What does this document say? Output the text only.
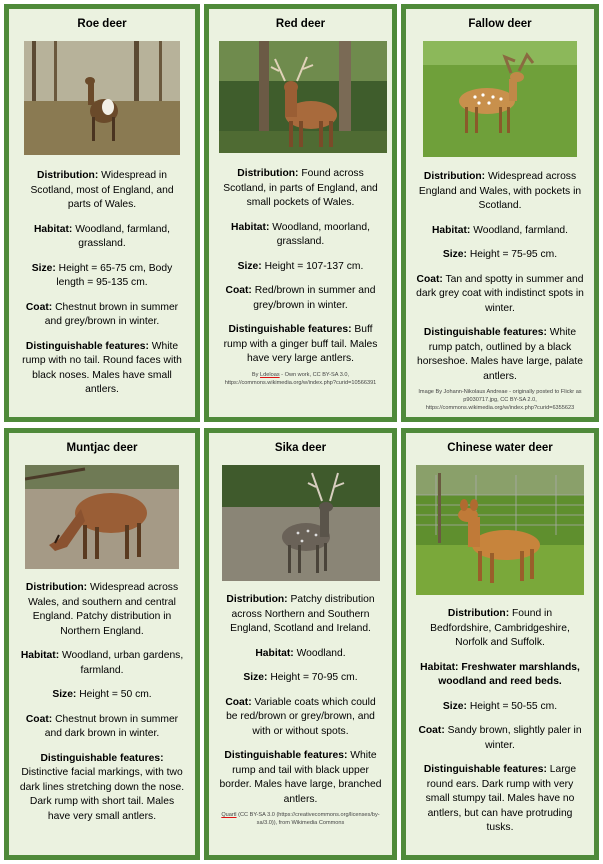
Roe deer

Distribution: Widespread in Scotland, most of England, and parts of Wales.

Habitat: Woodland, farmland, grassland.

Size: Height = 65-75 cm, Body length = 95-135 cm.

Coat: Chestnut brown in summer and grey/brown in winter.

Distinguishable features: White rump with no tail. Round faces with black noses. Males have small antlers.

Red deer

Distribution: Found across Scotland, in parts of England, and small pockets of Wales.

Habitat: Woodland, moorland, grassland.

Size: Height = 107-137 cm.

Coat: Red/brown in summer and grey/brown in winter.

Distinguishable features: Buff rump with a ginger buff tail. Males have very large antlers.

By Ldeloas - Own work, CC BY-SA 3.0, https://commons.wikimedia.org/w/index.php?curid=10566391
Fallow deer

Distribution: Widespread across England and Wales, with pockets in Scotland.

Habitat: Woodland, farmland.

Size: Height = 75-95 cm.

Coat: Tan and spotty in summer and dark grey coat with indistinct spots in winter.

Distinguishable features: White rump patch, outlined by a black horseshoe. Males have large, palate antlers.

Image By Johann-Nikolaus Andreae - originally posted to Flickr as p9030717.jpg, CC BY-SA 2.0, https://commons.wikimedia.org/w/index.php?curid=6355623
Muntjac deer

Distribution: Widespread across Wales, and southern and central England. Patchy distribution in Northern England.

Habitat: Woodland, urban gardens, farmland.

Size: Height = 50 cm.

Coat: Chestnut brown in summer and dark brown in winter.

Distinguishable features: Distinctive facial markings, with two dark lines stretching down the nose. Dark rump with short tail. Males have very small antlers.

Sika deer

Distribution: Patchy distribution across Northern and Southern England, Scotland and Ireland.

Habitat: Woodland.

Size: Height = 70-95 cm.

Coat: Variable coats which could be red/brown or grey/brown, and with or without spots.

Distinguishable features: White rump and tail with black upper border. Males have large, branched antlers.

Quartl (CC BY-SA 3.0 (https://creativecommons.org/licenses/by-sa/3.0)), from Wikimedia Commons
Chinese water deer

Distribution: Found in Bedfordshire, Cambridgeshire, Norfolk and Suffolk.

Habitat: Freshwater marshlands, woodland and reed beds.

Size: Height = 50-55 cm.

Coat: Sandy brown, slightly paler in winter.

Distinguishable features: Large round ears. Dark rump with very small stumpy tail. Males have no antlers, but can have protruding tusks.
